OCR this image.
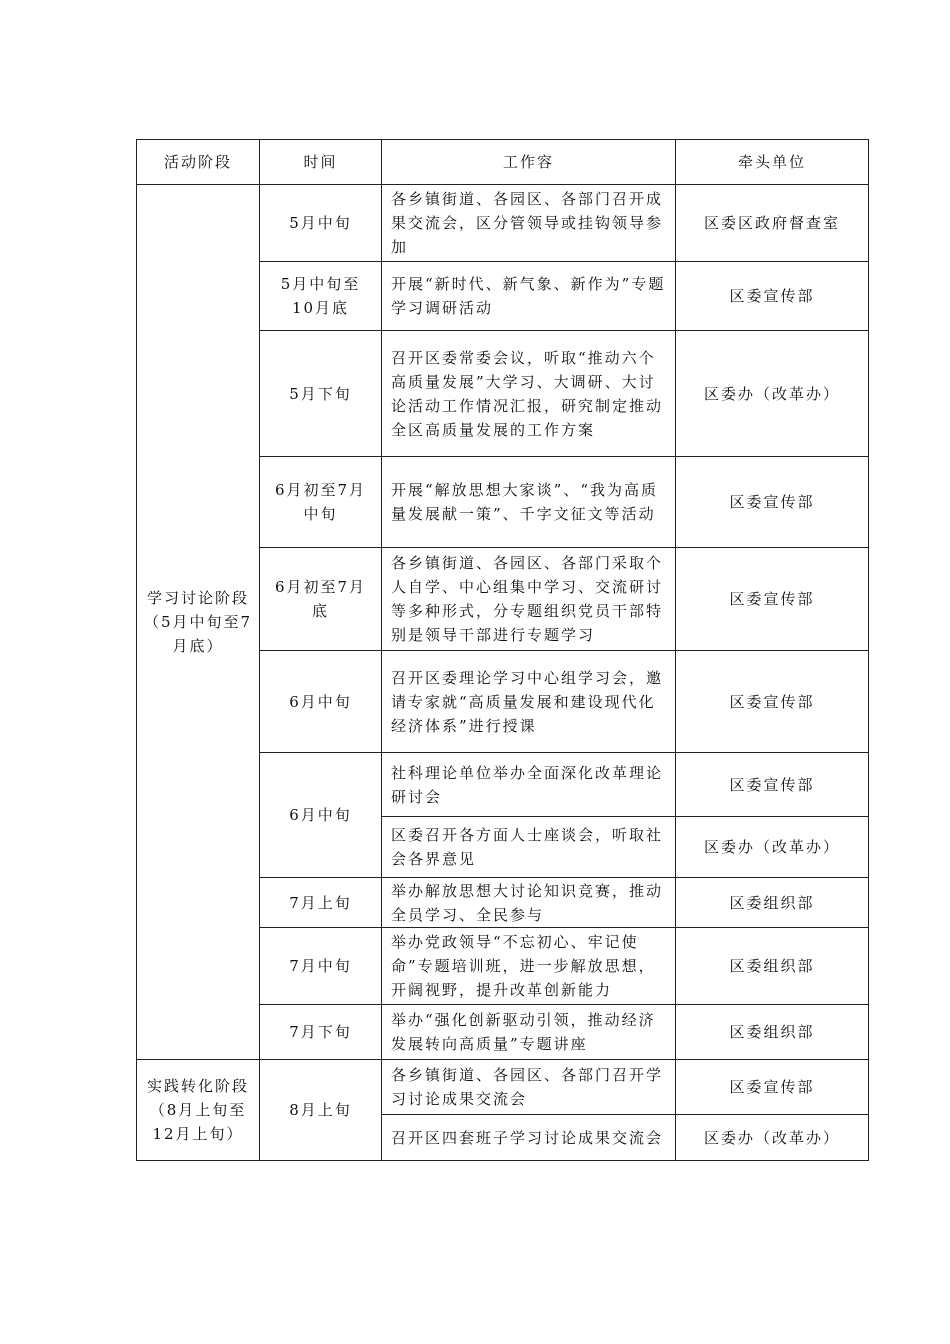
活动阶段	时间	工作容	牵头单位
学习讨论阶段（5月中旬至7月底）	5月中旬	各乡镇街道、各园区、各部门召开成果交流会，区分管领导或挂钩领导参加	区委区政府督查室
	5月中旬至10月底	开展“新时代、新气象、新作为”专题学习调研活动	区委宣传部
	5月下旬	召开区委常委会议，听取“推动六个高质量发展”大学习、大调研、大讨论活动工作情况汇报，研究制定推动全区高质量发展的工作方案	区委办（改革办）
	6月初至7月中旬	开展“解放思想大家谈”、“我为高质量发展献一策”、千字文征文等活动	区委宣传部
	6月初至7月底	各乡镇街道、各园区、各部门采取个人自学、中心组集中学习、交流研讨等多种形式，分专题组织党员干部特别是领导干部进行专题学习	区委宣传部
	6月中旬	召开区委理论学习中心组学习会，邀请专家就“高质量发展和建设现代化经济体系”进行授课	区委宣传部
	6月中旬	社科理论单位举办全面深化改革理论研讨会	区委宣传部
		区委召开各方面人士座谈会，听取社会各界意见	区委办（改革办）
	7月上旬	举办解放思想大讨论知识竞赛，推动全员学习、全民参与	区委组织部
	7月中旬	举办党政领导“不忘初心、牢记使命”专题培训班，进一步解放思想，开阔视野，提升改革创新能力	区委组织部
	7月下旬	举办“强化创新驱动引领，推动经济发展转向高质量”专题讲座	区委组织部
实践转化阶段（8月上旬至12月上旬）	8月上旬	各乡镇街道、各园区、各部门召开学习讨论成果交流会	区委宣传部
		召开区四套班子学习讨论成果交流会	区委办（改革办）
